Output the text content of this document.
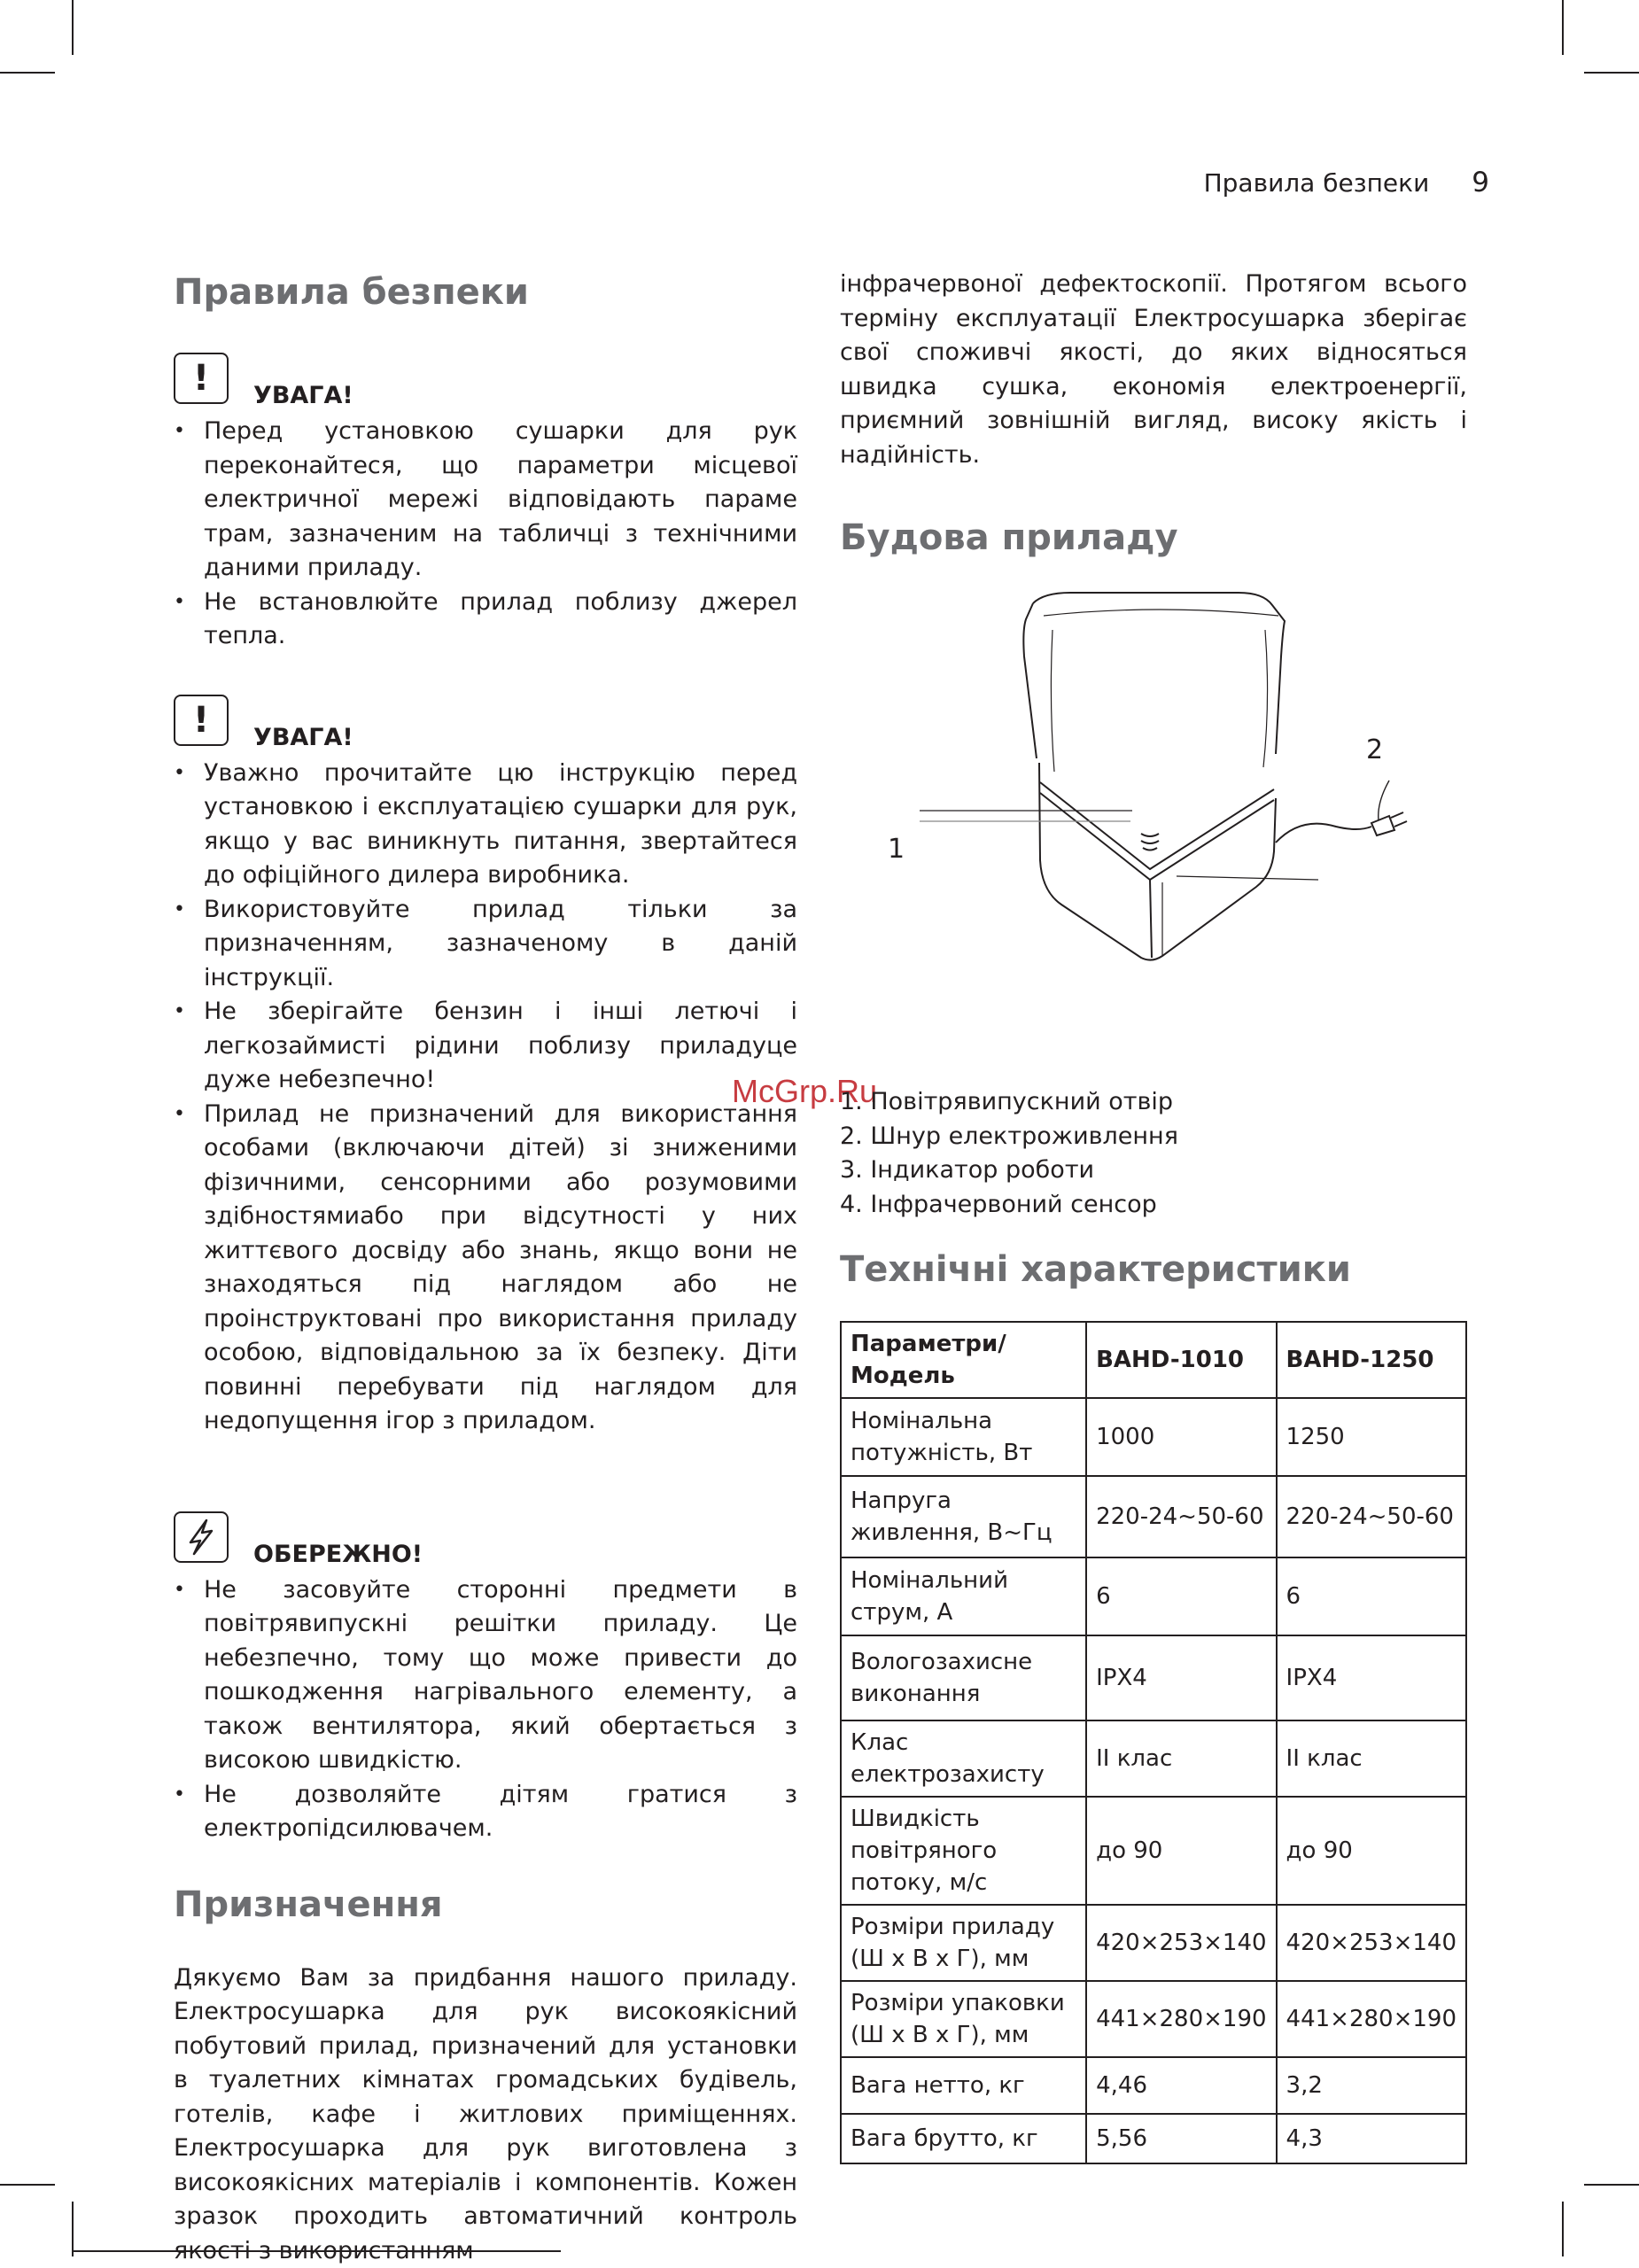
Правила безпеки 9
Правила безпеки
!	УВАГА!
• Перед установкою сушарки для рук переконайтеся, що параметри місцевої електричної мережі відповідають параме трам, зазначеним на табличці з технічними даними приладу.
• Не встановлюйте прилад поблизу джерел тепла.
!	УВАГА!
• Уважно прочитайте цю інструкцію перед установкою і експлуатацією сушарки для рук, якщо у вас виникнуть питання, звертайтеся до офіційного дилера виробника.
• Використовуйте прилад тільки за призначенням, зазначеному в даній інструкції.
• Не зберігайте бензин і інші летючі і легкозаймисті рідини поблизу приладуце дуже небезпечно!
• Прилад не призначений для використання особами (включаючи дітей) зі зниженими фізичними, сенсорними або розумовими здібностямиабо при відсутності у них життєвого досвіду або знань, якщо вони не знаходяться під наглядом або не проінструктовані про використання приладу особою, відповідальною за їх безпеку. Діти повинні перебувати під наглядом для недопущення ігор з приладом.
ОБЕРЕЖНО!
• Не засовуйте сторонні предмети в повітрявипускні решітки приладу. Це небезпечно, тому що може привести до пошкодження нагрівального елементу, а також вентилятора, який обертається з високою швидкістю.
• Не дозволяйте дітям гратися з електропідсилювачем.
Призначення

Дякуємо Вам за придбання нашого приладу. Електросушарка для рук високоякісний побутовий прилад, призначений для установки в туалетних кімнатах громадських будівель, готелів, кафе і житлових приміщеннях. Електросушарка для рук виготовлена з високоякісних матеріалів і компонентів. Кожен зразок проходить автоматичний контроль якості з використанням

McGrp.Ru

інфрачервоної дефектоскопії. Протягом всього терміну експлуатації Електросушарка зберігає свої споживчі якості, до яких відносяться швидка сушка, економія електроенергії, приємний зовнішній вигляд, високу якість і надійність.

Будова приладу
2
1
1. Повітрявипускний отвір
2. Шнур електроживлення
3. Індикатор роботи
4. Інфрачервоний сенсор
Технічні характеристики
Параметри/Модель	BAHD-1010	BAHD-1250
Номінальна потужність, Вт	1000	1250
Напруга живлення, В~Гц	220-24~50-60	220-24~50-60
Номінальний струм, А	6	6
Вологозахисне виконання	IPX4	IPX4
Клас електрозахисту	II клас	II клас
Швидкість повітряного потоку, м/с	до 90	до 90
Розміри приладу (Ш х В х Г), мм	420×253×140	420×253×140
Розміри упаковки (Ш х В х Г), мм	441×280×190	441×280×190
Вага нетто, кг	4,46	3,2
Вага брутто, кг	5,56	4,3
